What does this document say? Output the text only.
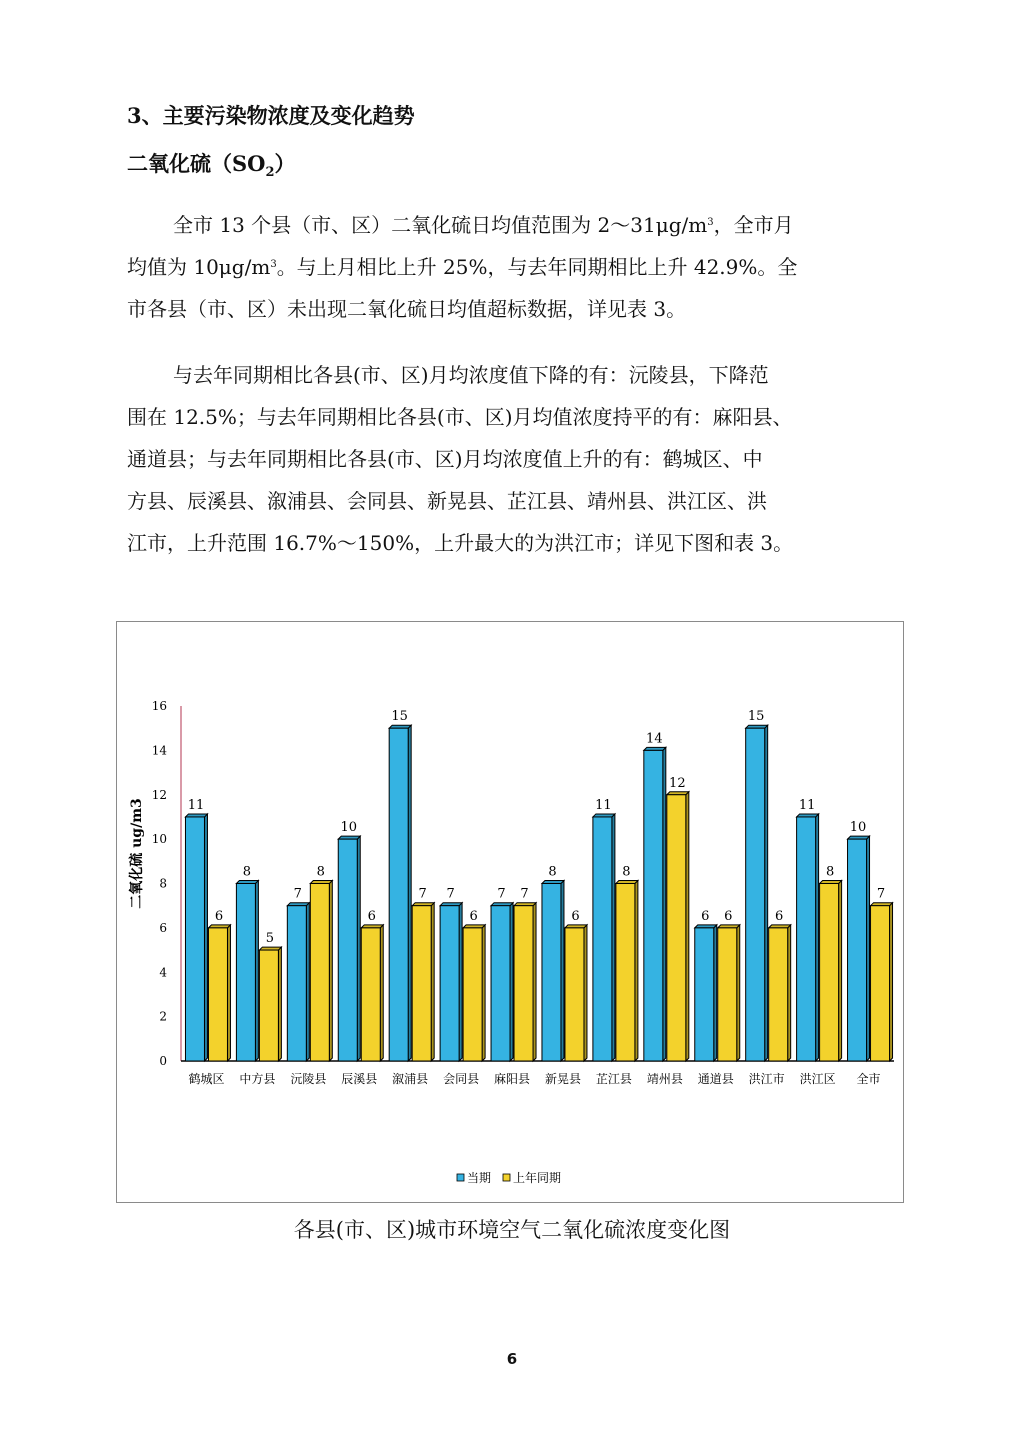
3、主要污染物浓度及变化趋势
二氧化硫$(SO_2)$
全市 13 个县（市、区）二氧化硫日均值范围为 $2\sim 31\mu g/m^3$，全市月
均值为 $10\mu g/m^3$。与上月相比上升 25%，与去年同期相比上升 42.9%。全
市各县（市、区）未出现二氧化硫日均值超标数据，详见表 3。
与去年同期相比各县(市、区)月均浓度值下降的有：沅陵县，下降范
围在 12.5%；与去年同期相比各县(市、区)月均值浓度持平的有：麻阳县、
通道县；与去年同期相比各县(市、区)月均浓度值上升的有：鹤城区、中
方县、辰溪县、溆浦县、会同县、新晃县、芷江县、靖州县、洪江区、洪
江市，上升范围 16.7%～150%，上升最大的为洪江市；详见下图和表 3。
0
2
4
6
8
10
12
14
16
二氧化硫 ug/m3	11
6
鹤城区
8
5
中方县
7
8
沅陵县
10
6
辰溪县
15
7
溆浦县
7
6
会同县
7 7
麻阳县
8
6
新晃县
11
8
芷江县
14
12
靖州县
6 6
通道县
15
6
洪江市
11
8
洪江区
10
7
全市
当期 上年同期
各县(市、区)城市环境空气二氧化硫浓度变化图
6
